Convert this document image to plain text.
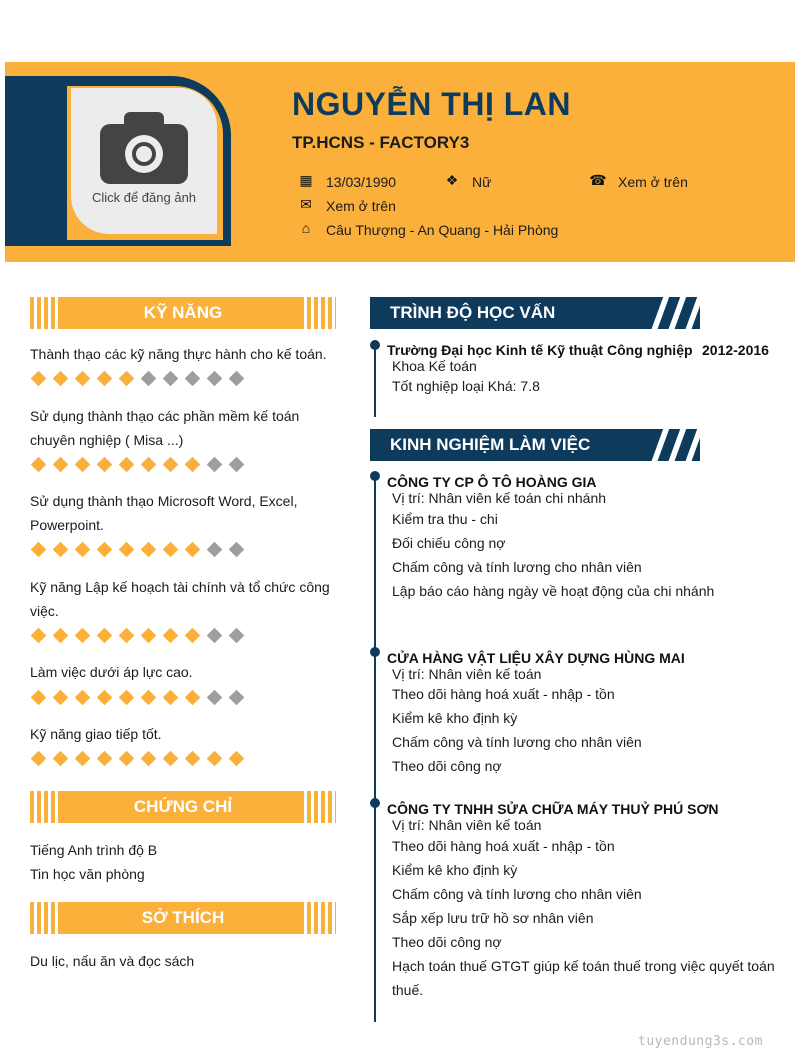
Click để đăng ảnh
NGUYỄN THỊ LAN
TP.HCNS - FACTORY3
▦ 13/03/1990	❖ Nữ	☎ Xem ở trên
✉ Xem ở trên
⌂	Câu Thượng - An Quang - Hải Phòng
KỸ NĂNG
Thành thạo các kỹ năng thực hành cho kế toán.
Sử dụng thành thạo các phần mềm kế toán chuyên nghiệp ( Misa ...)
Sử dụng thành thạo Microsoft Word, Excel, Powerpoint.
Kỹ năng Lập kế hoạch tài chính và tổ chức công việc.
Làm việc dưới áp lực cao.
Kỹ năng giao tiếp tốt.
CHỨNG CHỈ
Tiếng Anh trình độ B
Tin học văn phòng
SỞ THÍCH
Du lịc, nấu ăn và đọc sách
TRÌNH ĐỘ HỌC VẤN
Trường Đại học Kinh tế Kỹ thuật Công nghiệp 2012-2016
Khoa Kế toán
Tốt nghiệp loại Khá: 7.8
KINH NGHIỆM LÀM VIỆC
CÔNG TY CP Ô TÔ HOÀNG GIA
Vị trí: Nhân viên kế toán chi nhánh
Kiểm tra thu - chi
Đối chiếu công nợ
Chấm công và tính lương cho nhân viên
Lập báo cáo hàng ngày về hoạt động của chi nhánh
CỬA HÀNG VẬT LIỆU XÂY DỰNG HÙNG MAI
Vị trí: Nhân viên kế toán
Theo dõi hàng hoá xuất - nhập - tồn
Kiểm kê kho định kỳ
Chấm công và tính lương cho nhân viên
Theo dõi công nợ
CÔNG TY TNHH SỬA CHỮA MÁY THUỶ PHÚ SƠN
Vị trí: Nhân viên kế toán
Theo dõi hàng hoá xuất - nhập - tồn
Kiểm kê kho định kỳ
Chấm công và tính lương cho nhân viên
Sắp xếp lưu trữ hồ sơ nhân viên
Theo dõi công nợ
Hạch toán thuế GTGT giúp kế toán thuế trong việc quyết toán thuế.
tuyendung3s.com
